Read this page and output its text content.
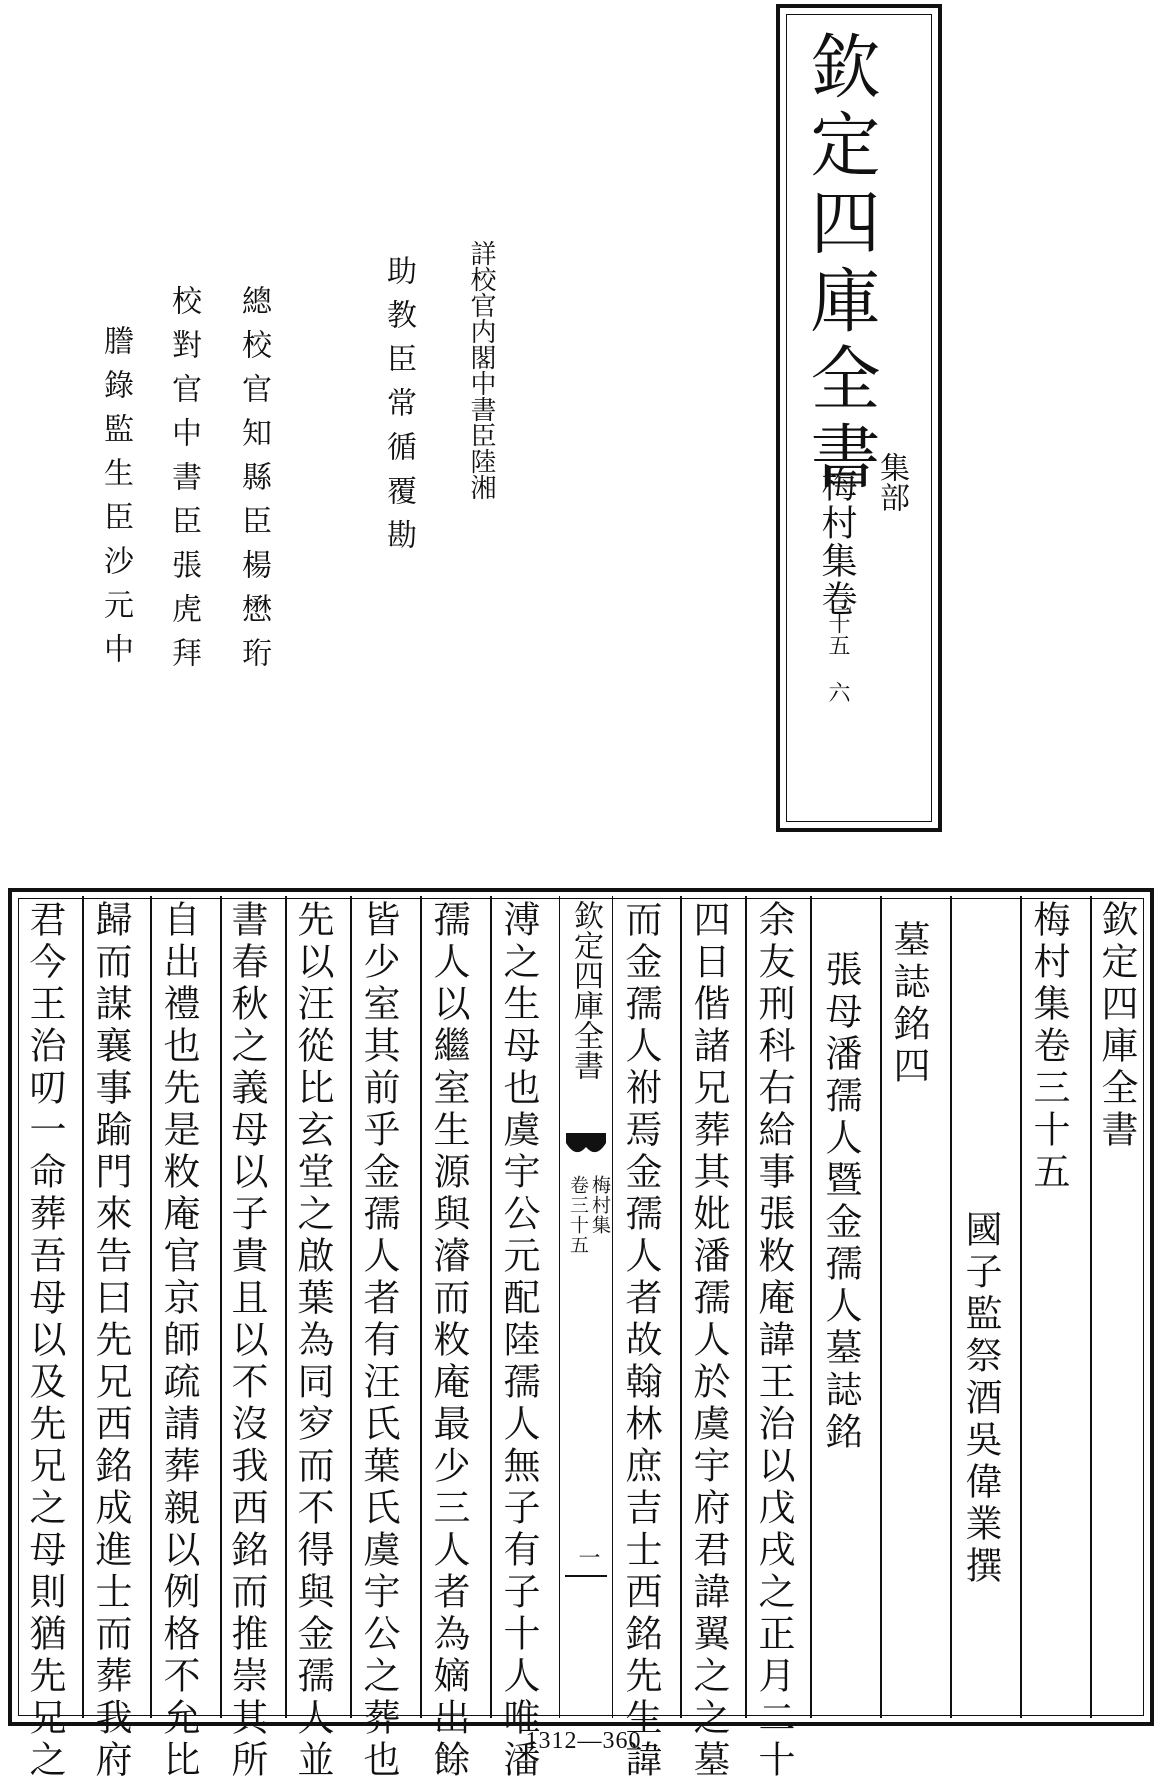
欽定四庫全書
集部
梅村集卷
三十五 六
詳校官内閣中書臣陸湘
助教臣常循覆勘
總校官知縣臣楊懋珩
校對官中書臣張虎拜
謄錄監生臣沙元中
欽定四庫全書
梅村集
卷三十五
一
欽定四庫全書
梅村集卷三十五
國子監祭酒吳偉業撰
墓誌銘四
張母潘孺人暨金孺人墓誌銘
余友刑科右給事張敉庵諱王治以戊戌之正月二十
四日偕諸兄葬其妣潘孺人於虞宇府君諱翼之之墓
而金孺人祔焉金孺人者故翰林庶吉士西銘先生諱
溥之生母也虞宇公元配陸孺人無子有子十人唯潘
孺人以繼室生源與濬而敉庵最少三人者為嫡出餘
皆少室其前乎金孺人者有汪氏葉氏虞宇公之葬也
先以汪從比玄堂之啟葉為同穸而不得與金孺人並
書春秋之義母以子貴且以不沒我西銘而推崇其所
自出禮也先是敉庵官京師疏請葬親以例格不允比
歸而謀襄事踰門來告曰先兄西銘成進士而葬我府
君今王治叨一命葬吾母以及先兄之母則猶先兄之	1312—360
